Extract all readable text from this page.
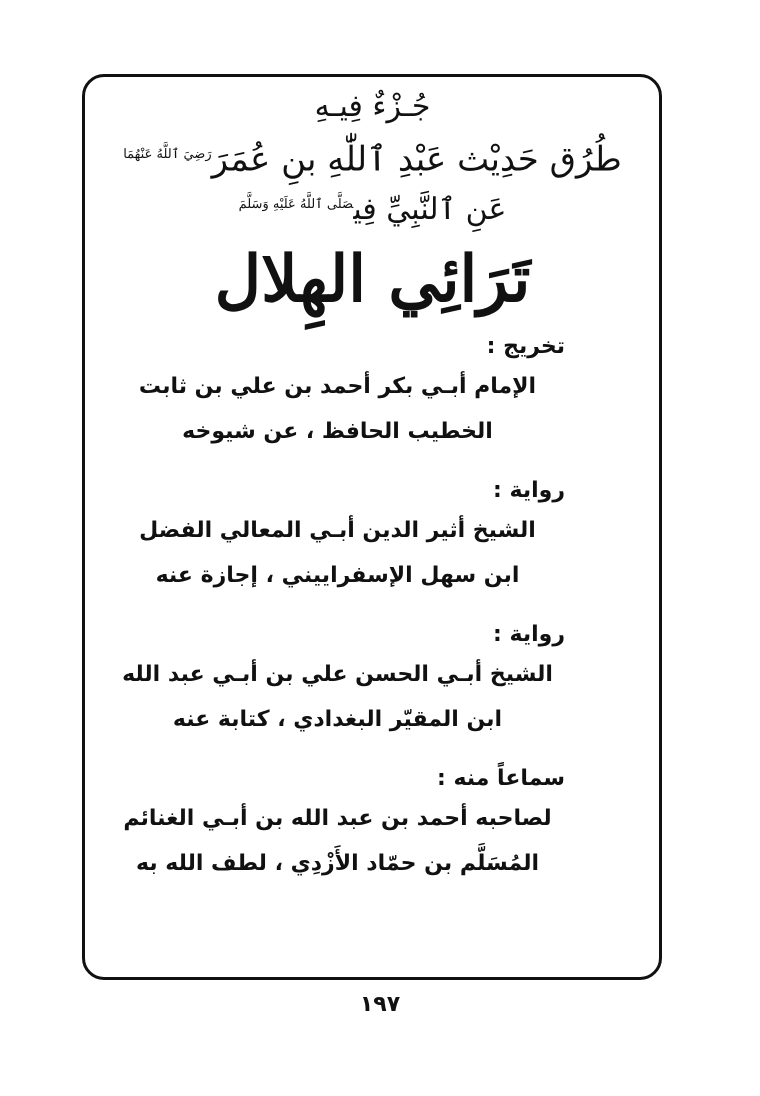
جُـزْءٌ فِيـهِ

طُرُق حَدِيْث عَبْدِ ٱللّٰهِ بنِ عُمَرَ$^{رَضِيَ ٱللَّهُ عَنْهُمَا}$

عَنِ ٱلنَّبِيِّ فِي$^{صَلَّى ٱللَّهُ عَلَيْهِ وَسَلَّمَ}$

تَرَائِي الهِلال

تخريج :

الإمام أبـي بكر أحمد بن علي بن ثابت

الخطيب الحافظ ، عن شيوخه

رواية :

الشيخ أثير الدين أبـي المعالي الفضل

ابن سهل الإسفراييني ، إجازة عنه

رواية :

الشيخ أبـي الحسن علي بن أبـي عبد الله

ابن المقيّر البغدادي ، كتابة عنه

سماعاً منه :

لصاحبه أحمد بن عبد الله بن أبـي الغنائم

المُسَلَّم بن حمّاد الأَزْدِي ، لطف الله به

١٩٧
